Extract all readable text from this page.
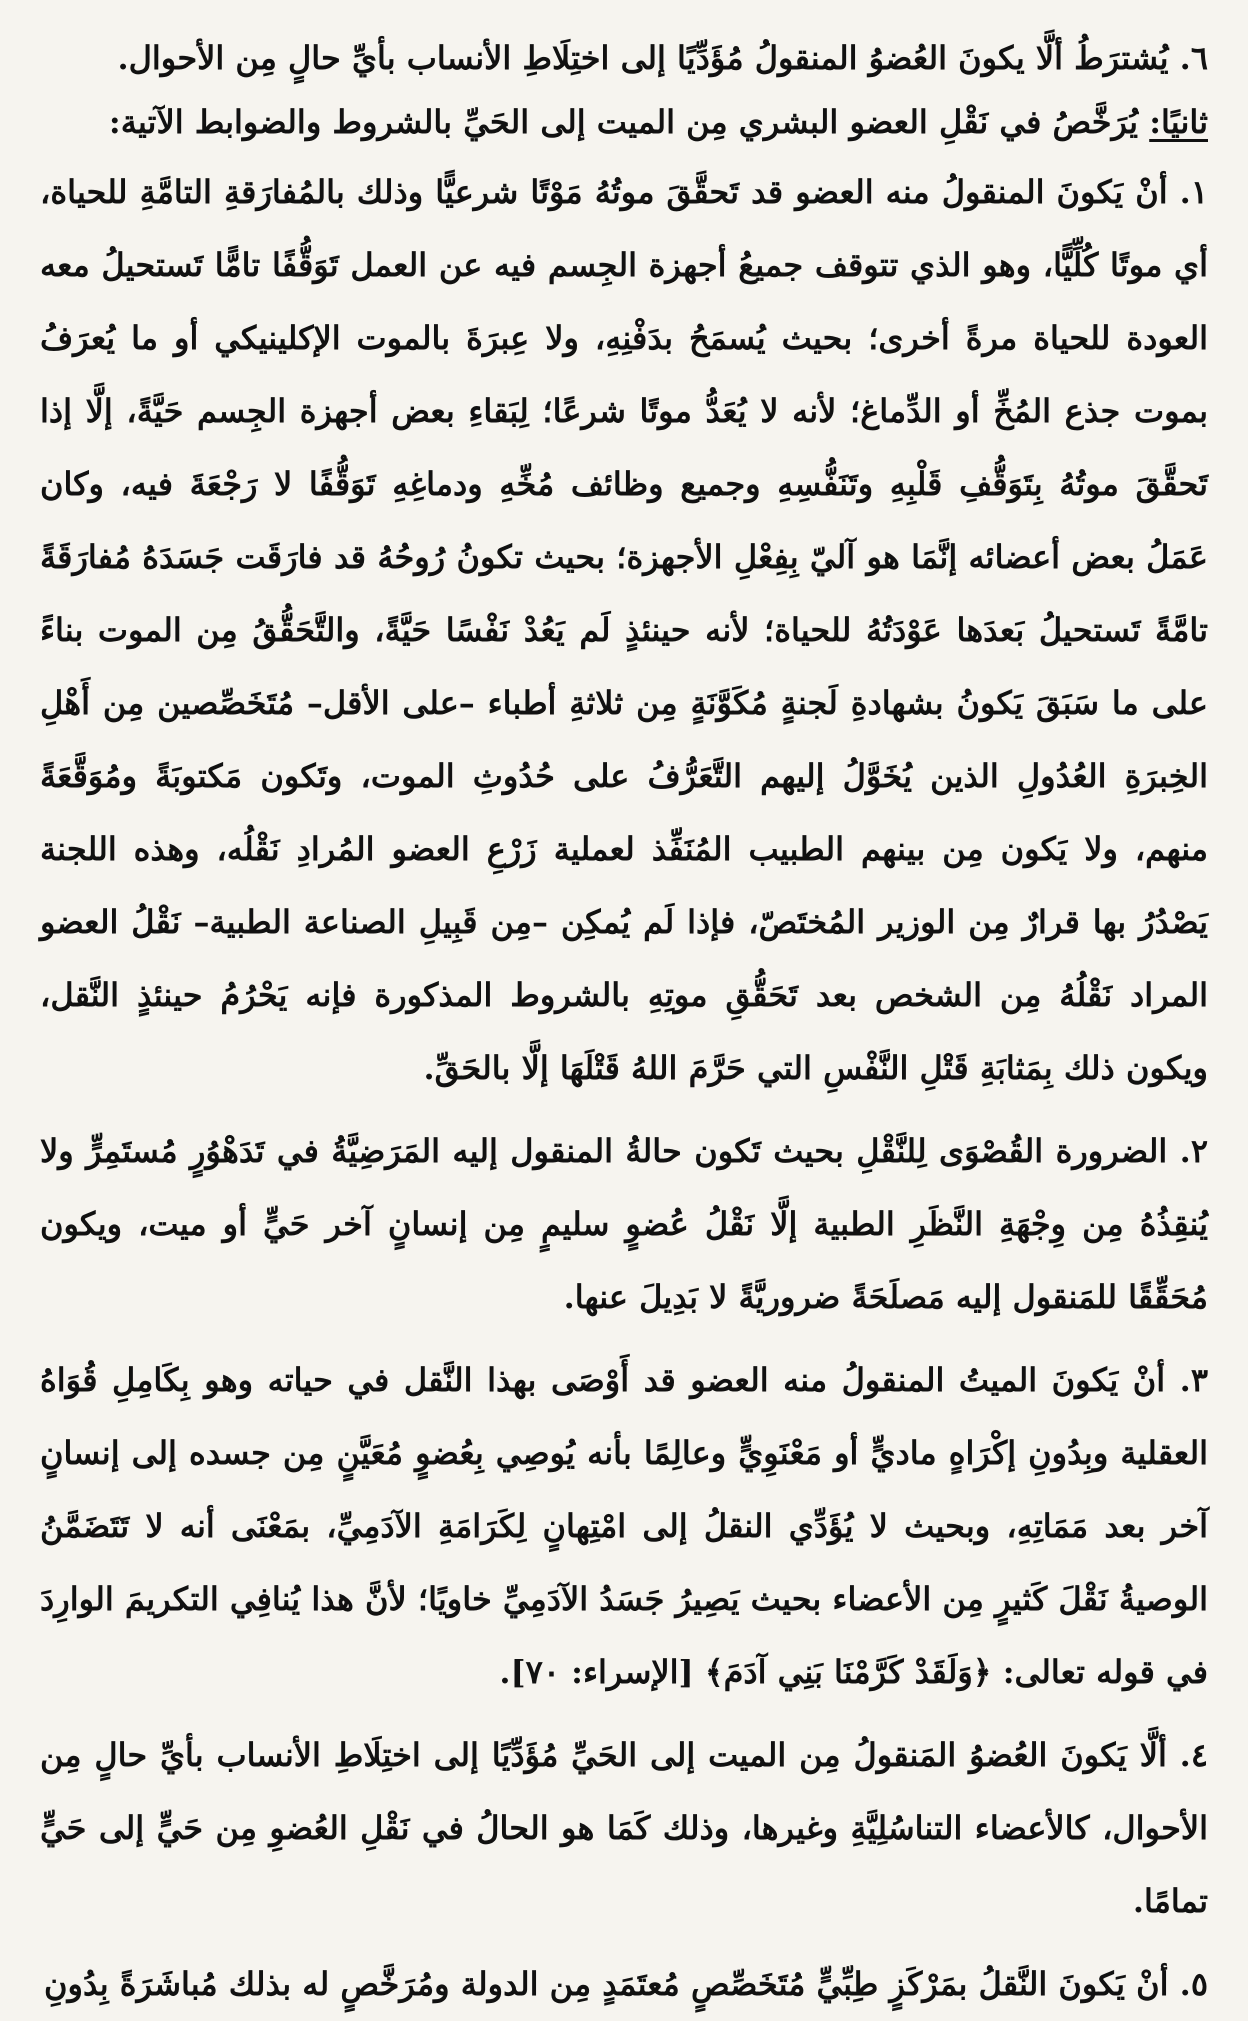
٦. يُشترَطُ ألَّا يكونَ العُضوُ المنقولُ مُؤَدِّيًا إلى اختِلَاطِ الأنساب بأيِّ حالٍ مِن الأحوال.

ثانيًا: يُرَخَّصُ في نَقْلِ العضو البشري مِن الميت إلى الحَيِّ بالشروط والضوابط الآتية:

١. أنْ يَكونَ المنقولُ منه العضو قد تَحقَّقَ موتُهُ مَوْتًا شرعيًّا وذلك بالمُفارَقةِ التامَّةِ للحياة، أي موتًا كُلِّيًّا، وهو الذي تتوقف جميعُ أجهزة الجِسم فيه عن العمل تَوَقُّفًا تامًّا تَستحيلُ معه العودة للحياة مرةً أخرى؛ بحيث يُسمَحُ بدَفْنِهِ، ولا عِبرَةَ بالموت الإكلينيكي أو ما يُعرَفُ بموت جذع المُخِّ أو الدِّماغ؛ لأنه لا يُعَدُّ موتًا شرعًا؛ لِبَقاءِ بعض أجهزة الجِسم حَيَّةً، إلَّا إذا تَحقَّقَ موتُهُ بِتَوَقُّفِ قَلْبِهِ وتَنَفُّسِهِ وجميع وظائف مُخِّهِ ودماغِهِ تَوَقُّفًا لا رَجْعَةَ فيه، وكان عَمَلُ بعض أعضائه إنَّمَا هو آليّ بِفِعْلِ الأجهزة؛ بحيث تكونُ رُوحُهُ قد فارَقَت جَسَدَهُ مُفارَقَةً تامَّةً تَستحيلُ بَعدَها عَوْدَتُهُ للحياة؛ لأنه حينئذٍ لَم يَعُدْ نَفْسًا حَيَّةً، والتَّحَقُّقُ مِن الموت بناءً على ما سَبَقَ يَكونُ بشهادةِ لَجنةٍ مُكَوَّنَةٍ مِن ثلاثةِ أطباء –على الأقل– مُتَخَصِّصين مِن أَهْلِ الخِبرَةِ العُدُولِ الذين يُخَوَّلُ إليهم التَّعَرُّفُ على حُدُوثِ الموت، وتَكون مَكتوبَةً ومُوَقَّعَةً منهم، ولا يَكون مِن بينهم الطبيب المُنَفِّذ لعملية زَرْعِ العضو المُرادِ نَقْلُه، وهذه اللجنة يَصْدُرُ بها قرارٌ مِن الوزير المُختَصّ، فإذا لَم يُمكِن –مِن قَبِيلِ الصناعة الطبية– نَقْلُ العضو المراد نَقْلُهُ مِن الشخص بعد تَحَقُّقِ موتِهِ بالشروط المذكورة فإنه يَحْرُمُ حينئذٍ النَّقل، ويكون ذلك بِمَثابَةِ قَتْلِ النَّفْسِ التي حَرَّمَ اللهُ قَتْلَهَا إلَّا بالحَقِّ.

٢. الضرورة القُصْوَى لِلنَّقْلِ بحيث تَكون حالةُ المنقول إليه المَرَضِيَّةُ في تَدَهْوُرٍ مُستَمِرٍّ ولا يُنقِذُهُ مِن وِجْهَةِ النَّظَرِ الطبية إلَّا نَقْلُ عُضوٍ سليمٍ مِن إنسانٍ آخر حَيٍّ أو ميت، ويكون مُحَقِّقًا للمَنقول إليه مَصلَحَةً ضروريَّةً لا بَدِيلَ عنها.

٣. أنْ يَكونَ الميتُ المنقولُ منه العضو قد أَوْصَى بهذا النَّقل في حياته وهو بِكَامِلِ قُوَاهُ العقلية وبِدُونِ إكْرَاهٍ ماديٍّ أو مَعْنَوِيٍّ وعالِمًا بأنه يُوصِي بِعُضوٍ مُعَيَّنٍ مِن جسده إلى إنسانٍ آخر بعد مَمَاتِهِ، وبحيث لا يُؤَدِّي النقلُ إلى امْتِهانٍ لِكَرَامَةِ الآدَمِيِّ، بمَعْنَى أنه لا تَتَضَمَّنُ الوصيةُ نَقْلَ كَثيرٍ مِن الأعضاء بحيث يَصِيرُ جَسَدُ الآدَمِيِّ خاويًا؛ لأنَّ هذا يُنافِي التكريمَ الوارِدَ في قوله تعالى: ﴿وَلَقَدْ كَرَّمْنَا بَنِي آدَمَ﴾ [الإسراء: ٧٠].

٤. ألَّا يَكونَ العُضوُ المَنقولُ مِن الميت إلى الحَيِّ مُؤَدِّيًا إلى اختِلَاطِ الأنساب بأيِّ حالٍ مِن الأحوال، كالأعضاء التناسُلِيَّةِ وغيرها، وذلك كَمَا هو الحالُ في نَقْلِ العُضوِ مِن حَيٍّ إلى حَيٍّ تمامًا.

٥. أنْ يَكونَ النَّقلُ بمَرْكَزٍ طِبِّيٍّ مُتَخَصِّصٍ مُعتَمَدٍ مِن الدولة ومُرَخَّصٍ له بذلك مُباشَرَةً بِدُونِ
